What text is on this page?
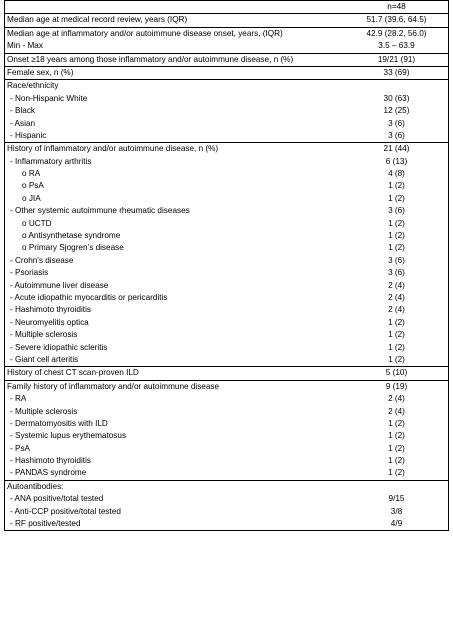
n=48
Median age at medical record review, years (IQR)	51.7 (39.6, 64.5)
Median age at inflammatory and/or autoimmune disease onset, years, (IQR)	42.9 (28.2, 56.0)
Min - Max	3.5 – 63.9
Onset ≥18 years among those inflammatory and/or autoimmune disease, n (%)	19/21 (91)
Female sex, n (%)	33 (69)
Race/ethnicity
- Non-Hispanic White	30 (63)
- Black	12 (25)
- Asian	3 (6)
- Hispanic	3 (6)
History of inflammatory and/or autoimmune disease, n (%)	21 (44)
- Inflammatory arthritis	6 (13)
o RA	4 (8)
o PsA	1 (2)
o JIA	1 (2)
- Other systemic autoimmune rheumatic diseases	3 (6)
o UCTD	1 (2)
o Antisynthetase syndrome	1 (2)
o Primary Sjogren’s disease	1 (2)
- Crohn's disease	3 (6)
- Psoriasis	3 (6)
- Autoimmune liver disease	2 (4)
- Acute idiopathic myocarditis or pericarditis	2 (4)
- Hashimoto thyroiditis	2 (4)
- Neuromyelitis optica	1 (2)
- Multiple sclerosis	1 (2)
- Severe idiopathic scleritis	1 (2)
- Giant cell arteritis	1 (2)
History of chest CT scan-proven ILD	5 (10)
Family history of inflammatory and/or autoimmune disease	9 (19)
- RA	2 (4)
- Multiple sclerosis	2 (4)
- Dermatomyositis with ILD	1 (2)
- Systemic lupus erythematosus	1 (2)
- PsA	1 (2)
- Hashimoto thyroiditis	1 (2)
- PANDAS syndrome	1 (2)
Autoantibodies:
- ANA positive/total tested	9/15
- Anti-CCP positive/total tested	3/8
- RF positive/tested	4/9
